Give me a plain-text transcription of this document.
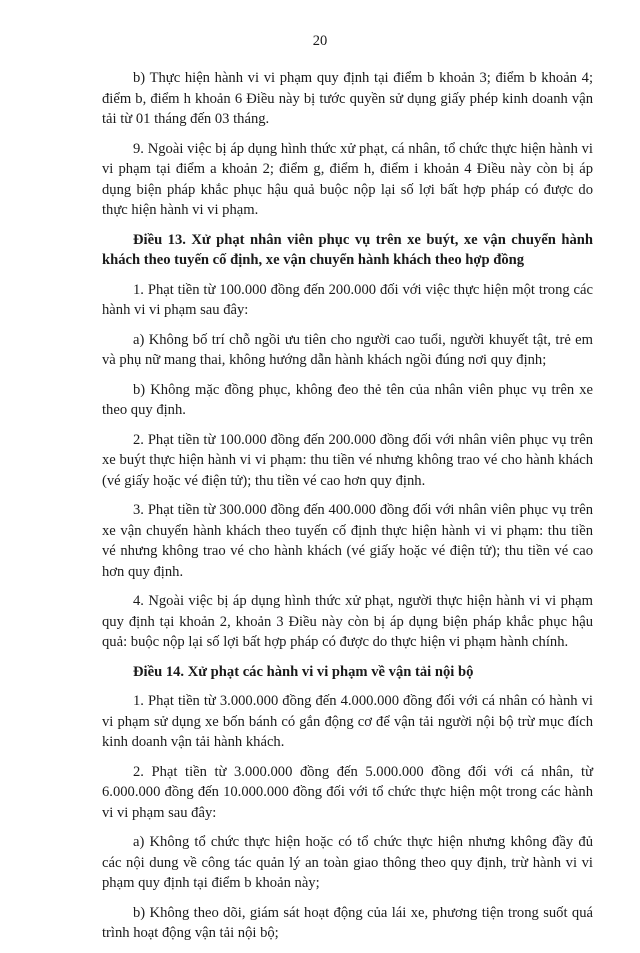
20

b) Thực hiện hành vi vi phạm quy định tại điểm b khoản 3; điểm b khoản 4; điểm b, điểm h khoản 6 Điều này bị tước quyền sử dụng giấy phép kinh doanh vận tải từ 01 tháng đến 03 tháng.

9. Ngoài việc bị áp dụng hình thức xử phạt, cá nhân, tổ chức thực hiện hành vi vi phạm tại điểm a khoản 2; điểm g, điểm h, điểm i khoản 4 Điều này còn bị áp dụng biện pháp khắc phục hậu quả buộc nộp lại số lợi bất hợp pháp có được do thực hiện hành vi vi phạm.

Điều 13. Xử phạt nhân viên phục vụ trên xe buýt, xe vận chuyển hành khách theo tuyến cố định, xe vận chuyển hành khách theo hợp đồng

1. Phạt tiền từ 100.000 đồng đến 200.000 đối với việc thực hiện một trong các hành vi vi phạm sau đây:

a) Không bố trí chỗ ngồi ưu tiên cho người cao tuổi, người khuyết tật, trẻ em và phụ nữ mang thai, không hướng dẫn hành khách ngồi đúng nơi quy định;

b) Không mặc đồng phục, không đeo thẻ tên của nhân viên phục vụ trên xe theo quy định.

2. Phạt tiền từ 100.000 đồng đến 200.000 đồng đối với nhân viên phục vụ trên xe buýt thực hiện hành vi vi phạm: thu tiền vé nhưng không trao vé cho hành khách (vé giấy hoặc vé điện tử); thu tiền vé cao hơn quy định.

3. Phạt tiền từ 300.000 đồng đến 400.000 đồng đối với nhân viên phục vụ trên xe vận chuyển hành khách theo tuyến cố định thực hiện hành vi vi phạm: thu tiền vé nhưng không trao vé cho hành khách (vé giấy hoặc vé điện tử); thu tiền vé cao hơn quy định.

4. Ngoài việc bị áp dụng hình thức xử phạt, người thực hiện hành vi vi phạm quy định tại khoản 2, khoản 3 Điều này còn bị áp dụng biện pháp khắc phục hậu quả: buộc nộp lại số lợi bất hợp pháp có được do thực hiện vi phạm hành chính.

Điều 14. Xử phạt các hành vi vi phạm về vận tải nội bộ

1. Phạt tiền từ 3.000.000 đồng đến 4.000.000 đồng đối với cá nhân có hành vi vi phạm sử dụng xe bốn bánh có gắn động cơ để vận tải người nội bộ trừ mục đích kinh doanh vận tải hành khách.

2. Phạt tiền từ 3.000.000 đồng đến 5.000.000 đồng đối với cá nhân, từ 6.000.000 đồng đến 10.000.000 đồng đối với tổ chức thực hiện một trong các hành vi vi phạm sau đây:

a) Không tổ chức thực hiện hoặc có tổ chức thực hiện nhưng không đầy đủ các nội dung về công tác quản lý an toàn giao thông theo quy định, trừ hành vi vi phạm quy định tại điểm b khoản này;

b) Không theo dõi, giám sát hoạt động của lái xe, phương tiện trong suốt quá trình hoạt động vận tải nội bộ;
